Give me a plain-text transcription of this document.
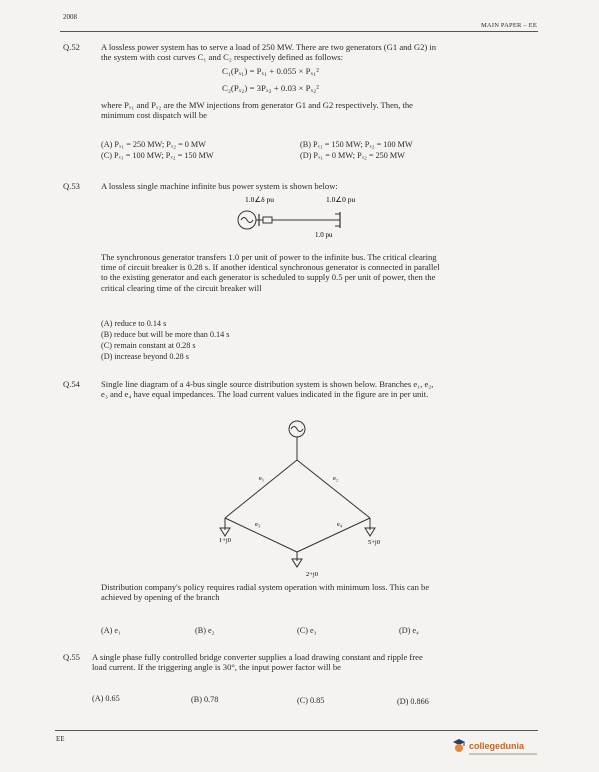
2008
MAIN PAPER – EE
Q.52 A lossless power system has to serve a load of 250 MW. There are two generators (G1 and G2) in
the system with cost curves C₁ and C₂ respectively defined as follows:
C₁(Pₓ₁) = Pₓ₁ + 0.055 × Pₓ₁²
C₂(Pₓ₂) = 3Pₓ₂ + 0.03 × Pₓ₂²
where Pₓ₁ and Pₓ₂ are the MW injections from generator G1 and G2 respectively. Then, the
minimum cost dispatch will be
(A) Pₓ₁ = 250 MW; Pₓ₂ = 0 MW	(B) Pₓ₁ = 150 MW; Pₓ₂ = 100 MW
(C) Pₓ₁ = 100 MW; Pₓ₂ = 150 MW	(D) Pₓ₁ = 0 MW; Pₓ₂ = 250 MW
Q.53 A lossless single machine infinite bus power system is shown below:
1.0∠δ pu	1.0∠0 pu
1.0 pu
The synchronous generator transfers 1.0 per unit of power to the infinite bus. The critical clearing
time of circuit breaker is 0.28 s. If another identical synchronous generator is connected in parallel
to the existing generator and each generator is scheduled to supply 0.5 per unit of power, then the
critical clearing time of the circuit breaker will
(A) reduce to 0.14 s
(B) reduce but will be more than 0.14 s
(C) remain constant at 0.28 s
(D) increase beyond 0.28 s
Q.54 Single line diagram of a 4-bus single source distribution system is shown below. Branches e₁, e₂,
e₃ and e₄ have equal impedances. The load current values indicated in the figure are in per unit.
e₁	e₂
e₃	e₄
1+j0	5+j0
2+j0
Distribution company's policy requires radial system operation with minimum loss. This can be
achieved by opening of the branch
(A) e₁	(B) e₂	(C) e₃	(D) e₄
Q.55 A single phase fully controlled bridge converter supplies a load drawing constant and ripple free
load current. If the triggering angle is 30°, the input power factor will be
(A) 0.65	(B) 0.78	(C) 0.85	(D) 0.866
EE
collegedunia
